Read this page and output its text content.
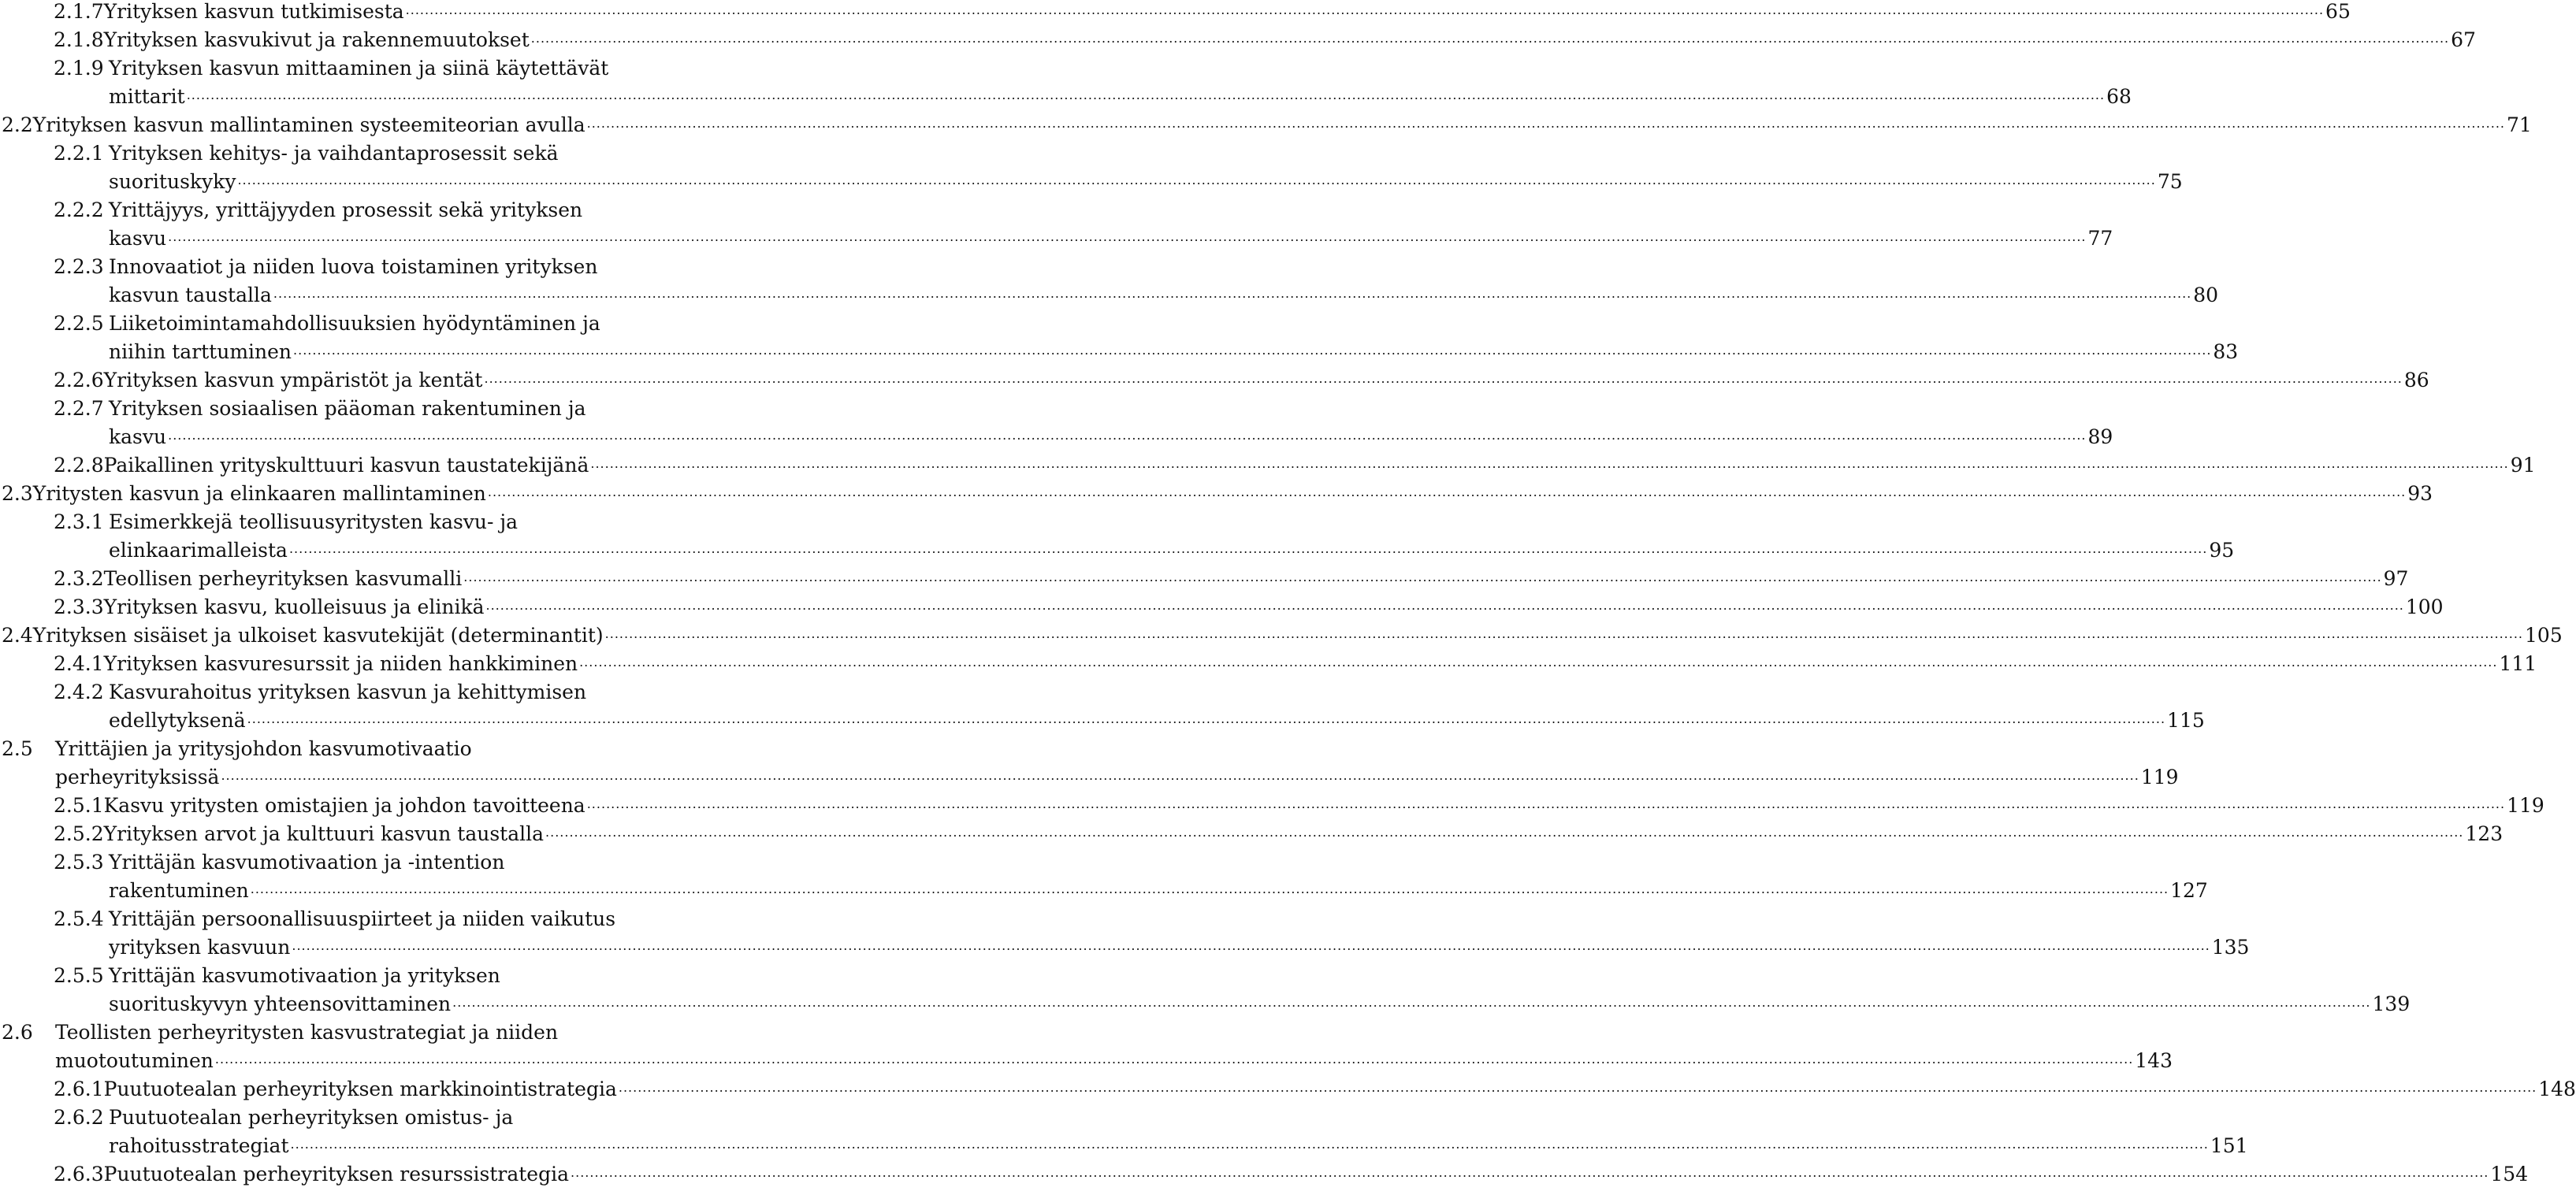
2.1.7 Yrityksen kasvun tutkimisesta ................................................................................................................................................................................................................................................................................................................................................................................................................ 65
2.1.8 Yrityksen kasvukivut ja rakennemuutokset ................................................................................................................................................................................................................................................................................................................................................................................................................ 67
2.1.9 Yrityksen kasvun mittaaminen ja siinä käytettävät
mittarit ................................................................................................................................................................................................................................................................................................................................................................................................................ 68
2.2 Yrityksen kasvun mallintaminen systeemiteorian avulla ................................................................................................................................................................................................................................................................................................................................................................................................................ 71
2.2.1 Yrityksen kehitys- ja vaihdantaprosessit sekä
suorituskyky ................................................................................................................................................................................................................................................................................................................................................................................................................ 75
2.2.2 Yrittäjyys, yrittäjyyden prosessit sekä yrityksen
kasvu ................................................................................................................................................................................................................................................................................................................................................................................................................ 77
2.2.3 Innovaatiot ja niiden luova toistaminen yrityksen
kasvun taustalla ................................................................................................................................................................................................................................................................................................................................................................................................................ 80
2.2.5 Liiketoimintamahdollisuuksien hyödyntäminen ja
niihin tarttuminen ................................................................................................................................................................................................................................................................................................................................................................................................................ 83
2.2.6 Yrityksen kasvun ympäristöt ja kentät ................................................................................................................................................................................................................................................................................................................................................................................................................ 86
2.2.7 Yrityksen sosiaalisen pääoman rakentuminen ja
kasvu ................................................................................................................................................................................................................................................................................................................................................................................................................ 89
2.2.8 Paikallinen yrityskulttuuri kasvun taustatekijänä ................................................................................................................................................................................................................................................................................................................................................................................................................ 91
2.3 Yritysten kasvun ja elinkaaren mallintaminen ................................................................................................................................................................................................................................................................................................................................................................................................................ 93
2.3.1 Esimerkkejä teollisuusyritysten kasvu- ja
elinkaarimalleista ................................................................................................................................................................................................................................................................................................................................................................................................................ 95
2.3.2 Teollisen perheyrityksen kasvumalli ................................................................................................................................................................................................................................................................................................................................................................................................................ 97
2.3.3 Yrityksen kasvu, kuolleisuus ja elinikä ................................................................................................................................................................................................................................................................................................................................................................................................................ 100
2.4 Yrityksen sisäiset ja ulkoiset kasvutekijät (determinantit) ................................................................................................................................................................................................................................................................................................................................................................................................................ 105
2.4.1 Yrityksen kasvuresurssit ja niiden hankkiminen ................................................................................................................................................................................................................................................................................................................................................................................................................ 111
2.4.2 Kasvurahoitus yrityksen kasvun ja kehittymisen
edellytyksenä ................................................................................................................................................................................................................................................................................................................................................................................................................ 115
2.5	Yrittäjien ja yritysjohdon kasvumotivaatio
perheyrityksissä ................................................................................................................................................................................................................................................................................................................................................................................................................ 119
2.5.1 Kasvu yritysten omistajien ja johdon tavoitteena ................................................................................................................................................................................................................................................................................................................................................................................................................ 119
2.5.2 Yrityksen arvot ja kulttuuri kasvun taustalla ................................................................................................................................................................................................................................................................................................................................................................................................................ 123
2.5.3 Yrittäjän kasvumotivaation ja -intention
rakentuminen ................................................................................................................................................................................................................................................................................................................................................................................................................ 127
2.5.4 Yrittäjän persoonallisuuspiirteet ja niiden vaikutus
yrityksen kasvuun ................................................................................................................................................................................................................................................................................................................................................................................................................ 135
2.5.5 Yrittäjän kasvumotivaation ja yrityksen
suorituskyvyn yhteensovittaminen ................................................................................................................................................................................................................................................................................................................................................................................................................ 139
2.6	Teollisten perheyritysten kasvustrategiat ja niiden
muotoutuminen ................................................................................................................................................................................................................................................................................................................................................................................................................ 143
2.6.1 Puutuotealan perheyrityksen markkinointistrategia ................................................................................................................................................................................................................................................................................................................................................................................................................ 148
2.6.2 Puutuotealan perheyrityksen omistus- ja
rahoitusstrategiat ................................................................................................................................................................................................................................................................................................................................................................................................................ 151
2.6.3 Puutuotealan perheyrityksen resurssistrategia ................................................................................................................................................................................................................................................................................................................................................................................................................ 154
